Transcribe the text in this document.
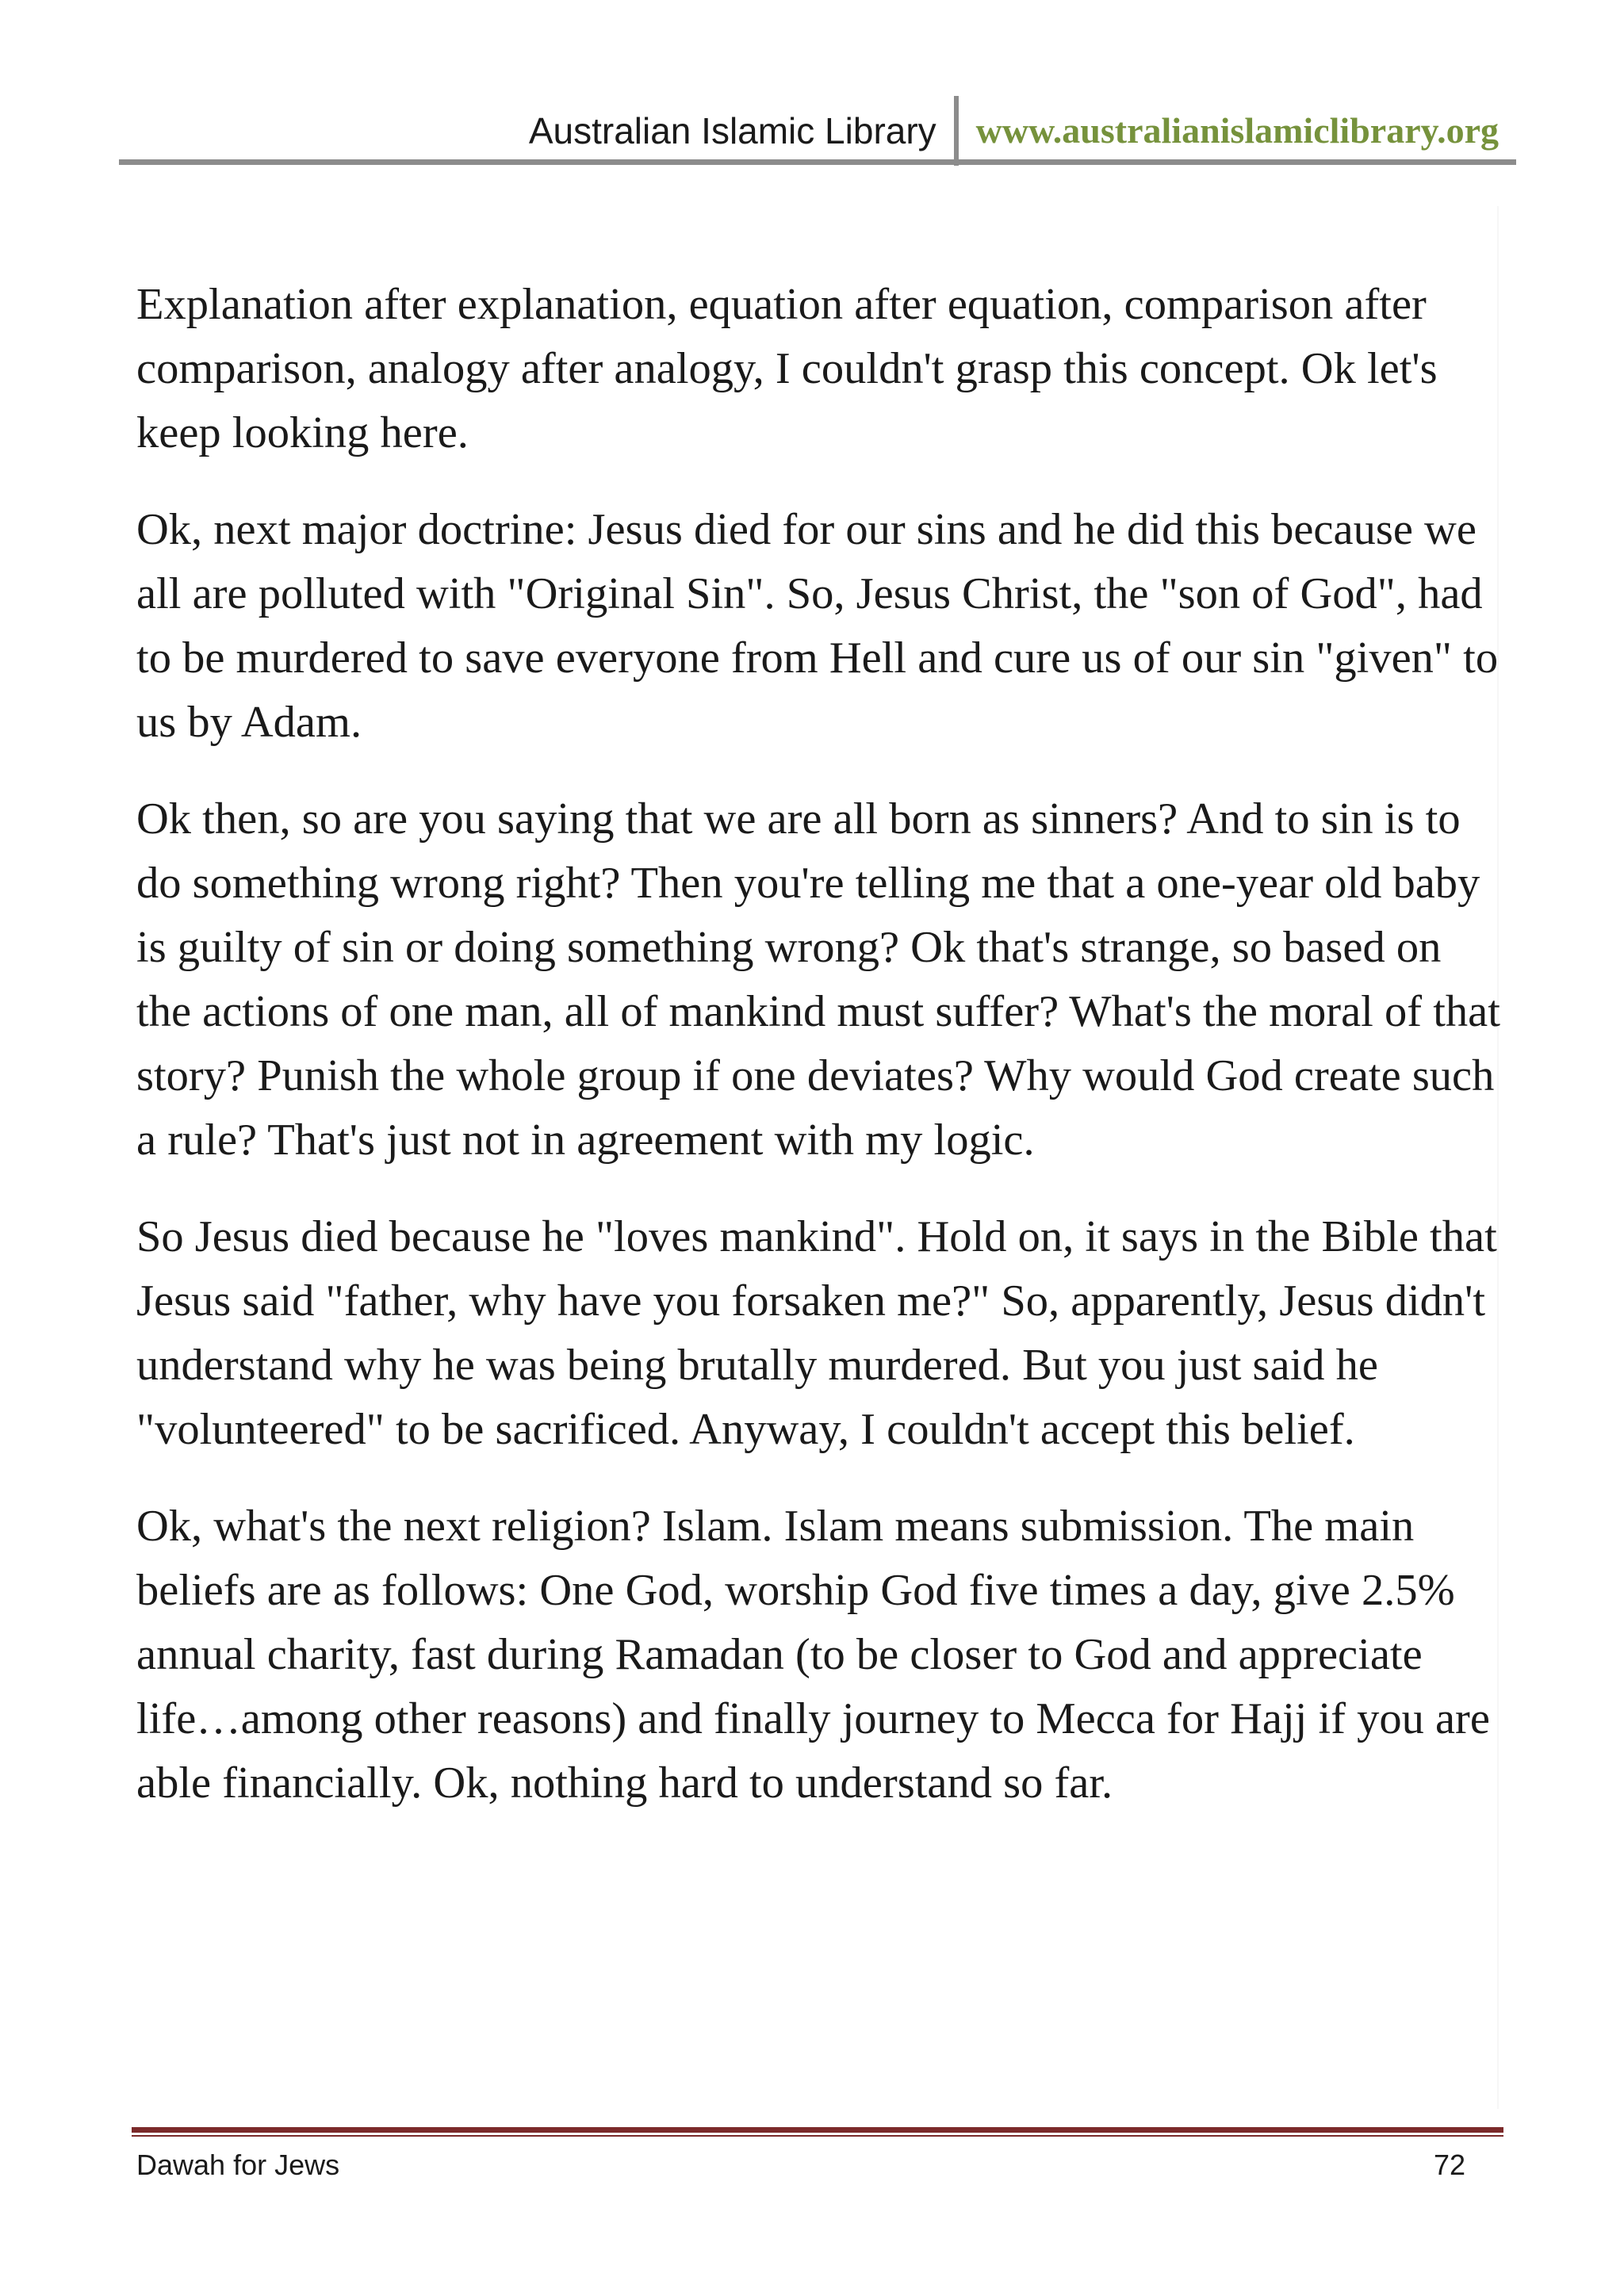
Australian Islamic Library	www.australianislamiclibrary.org

Explanation after explanation, equation after equation, comparison after comparison, analogy after analogy, I couldn't grasp this concept. Ok let's keep looking here.

Ok, next major doctrine: Jesus died for our sins and he did this because we all are polluted with "Original Sin". So, Jesus Christ, the "son of God", had to be murdered to save everyone from Hell and cure us of our sin "given" to us by Adam.

Ok then, so are you saying that we are all born as sinners? And to sin is to do something wrong right? Then you're telling me that a one-year old baby is guilty of sin or doing something wrong? Ok that's strange, so based on the actions of one man, all of mankind must suffer? What's the moral of that story? Punish the whole group if one deviates? Why would God create such a rule? That's just not in agreement with my logic.

So Jesus died because he "loves mankind". Hold on, it says in the Bible that Jesus said "father, why have you forsaken me?" So, apparently, Jesus didn't understand why he was being brutally murdered. But you just said he "volunteered" to be sacrificed. Anyway, I couldn't accept this belief.

Ok, what's the next religion? Islam. Islam means submission. The main beliefs are as follows: One God, worship God five times a day, give 2.5% annual charity, fast during Ramadan (to be closer to God and appreciate life…among other reasons) and finally journey to Mecca for Hajj if you are able financially. Ok, nothing hard to understand so far.

Dawah for Jews	72
